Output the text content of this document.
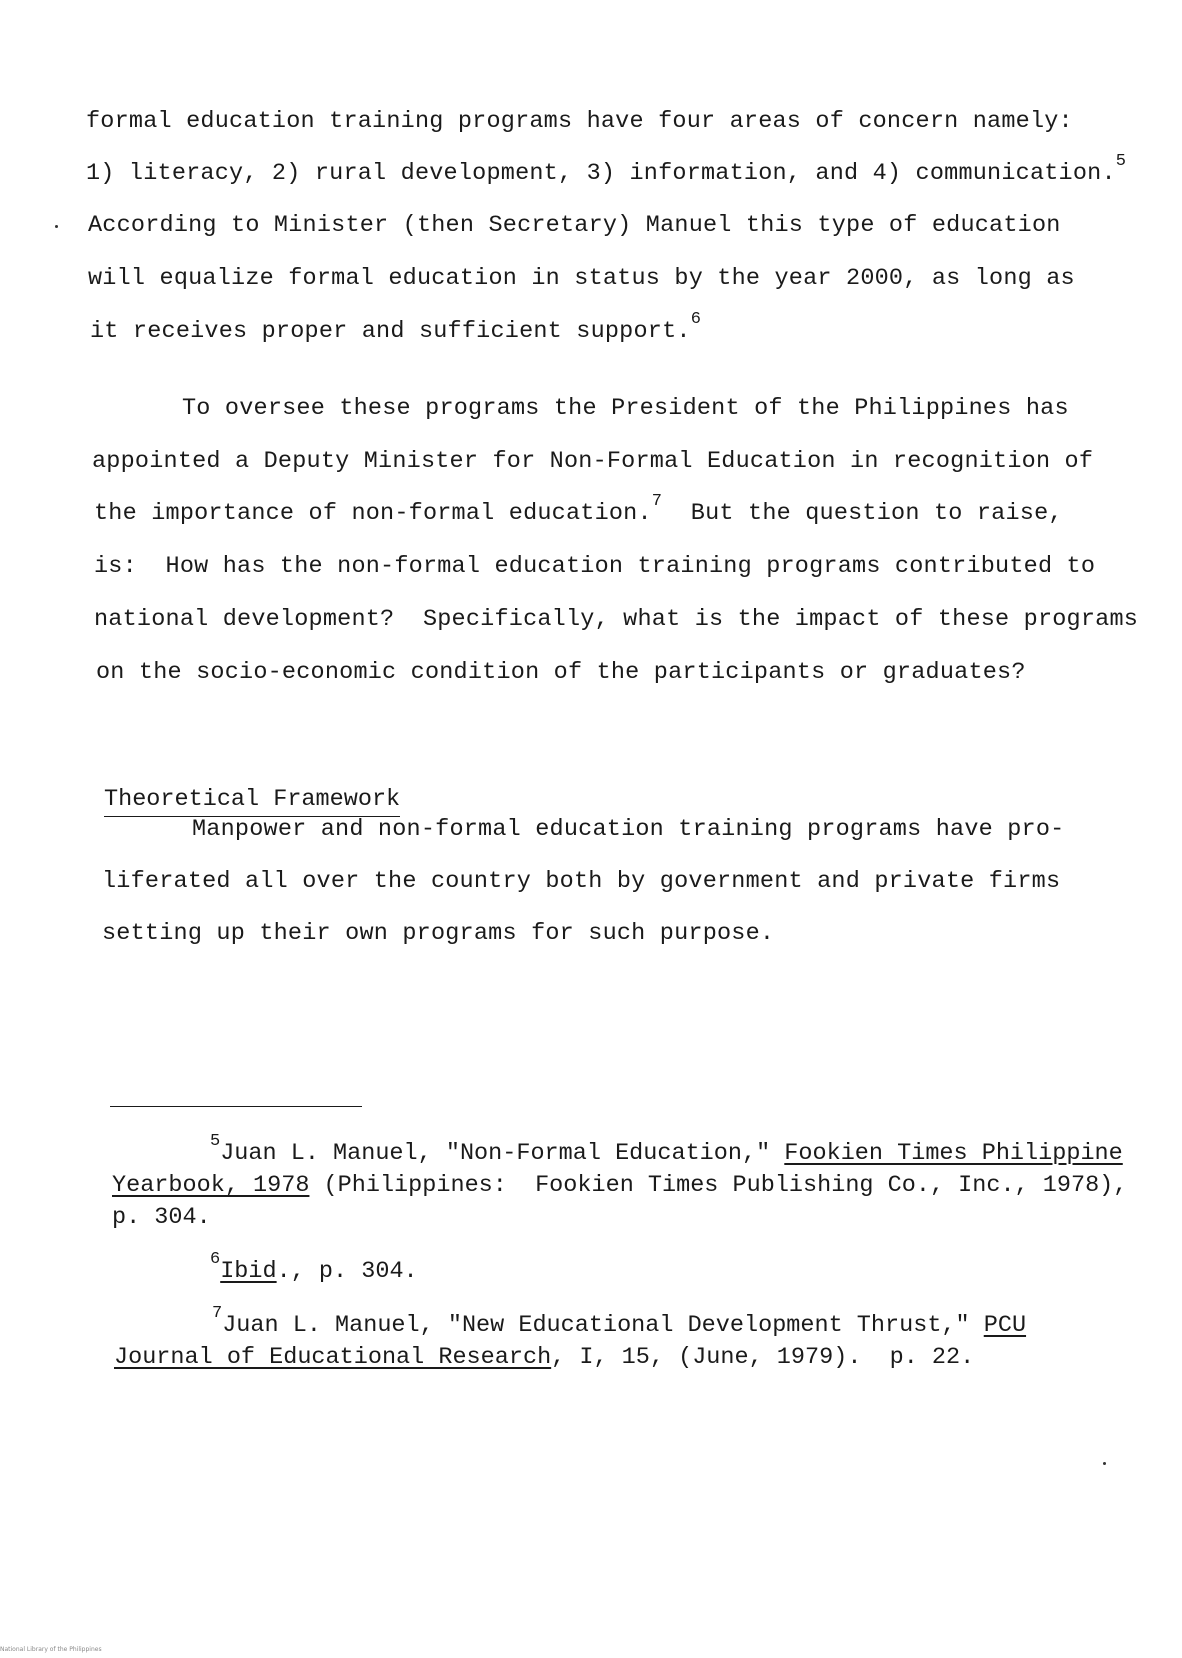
formal education training programs have four areas of concern namely:
1) literacy, 2) rural development, 3) information, and 4) communication.$^5$
According to Minister (then Secretary) Manuel this type of education
will equalize formal education in status by the year 2000, as long as
it receives proper and sufficient support.$^6$
To oversee these programs the President of the Philippines has
appointed a Deputy Minister for Non-Formal Education in recognition of
the importance of non-formal education.$^7$  But the question to raise,
is:  How has the non-formal education training programs contributed to
national development?  Specifically, what is the impact of these programs
on the socio-economic condition of the participants or graduates?
Theoretical Framework
Manpower and non-formal education training programs have pro-
liferated all over the country both by government and private firms
setting up their own programs for such purpose.
$^5$Juan L. Manuel, "Non-Formal Education," Fookien Times Philippine
Yearbook, 1978 (Philippines:  Fookien Times Publishing Co., Inc., 1978),
p. 304.
$^6$Ibid., p. 304.
$^7$Juan L. Manuel, "New Educational Development Thrust," PCU
Journal of Educational Research, I, 15, (June, 1979).  p. 22.
National Library of the Philippines
